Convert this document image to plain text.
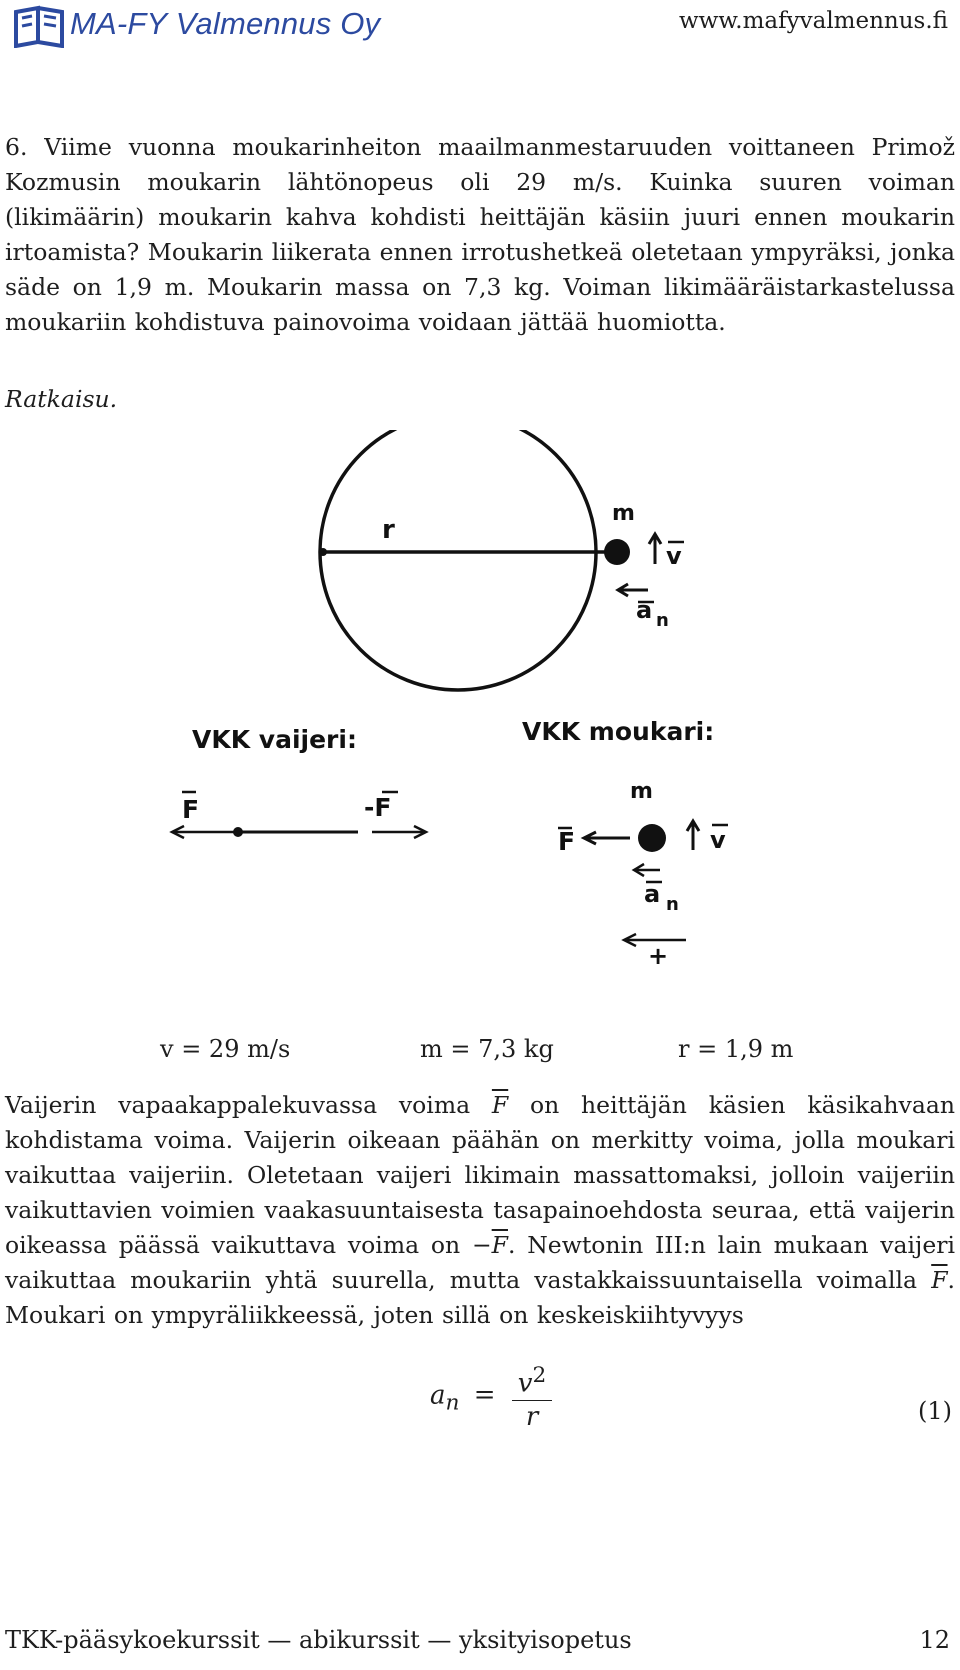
MA-FY Valmennus Oy	www.mafyvalmennus.fi
6. Viime vuonna moukarinheiton maailmanmestaruuden voittaneen Primož Kozmusin moukarin lähtönopeus oli 29 m/s. Kuinka suuren voiman (likimäärin) moukarin kahva kohdisti heittäjän käsiin juuri ennen moukarin irtoamista? Moukarin liikerata ennen irrotushetkeä oletetaan ympyräksi, jonka säde on 1,9 m. Moukarin massa on 7,3 kg. Voiman likimääräistarkastelussa moukariin kohdistuva painovoima voidaan jättää huomiotta.
Ratkaisu.
r
m
v
a n
VKK vaijeri:
F	-F
VKK moukari:
m
F	v
a n
+
v = 29 m/s	m = 7,3 kg	r = 1,9 m
Vaijerin vapaakappalekuvassa voima $\overline{F}$ on heittäjän käsien käsikahvaan kohdistama voima. Vaijerin oikeaan päähän on merkitty voima, jolla moukari vaikuttaa vaijeriin. Oletetaan vaijeri likimain massattomaksi, jolloin vaijeriin vaikuttavien voimien vaakasuuntaisesta tasapainoehdosta seuraa, että vaijerin oikeassa päässä vaikuttava voima on $-\overline{F}$. Newtonin III:n lain mukaan vaijeri vaikuttaa moukariin yhtä suurella, mutta vastakkaissuuntaisella voimalla $\overline{F}$. Moukari on ympyräliikkeessä, joten sillä on keskeiskiihtyvyys
$a_n = \frac{v^2}{r}$	(1)
TKK-pääsykoekurssit — abikurssit — yksityisopetus	12
